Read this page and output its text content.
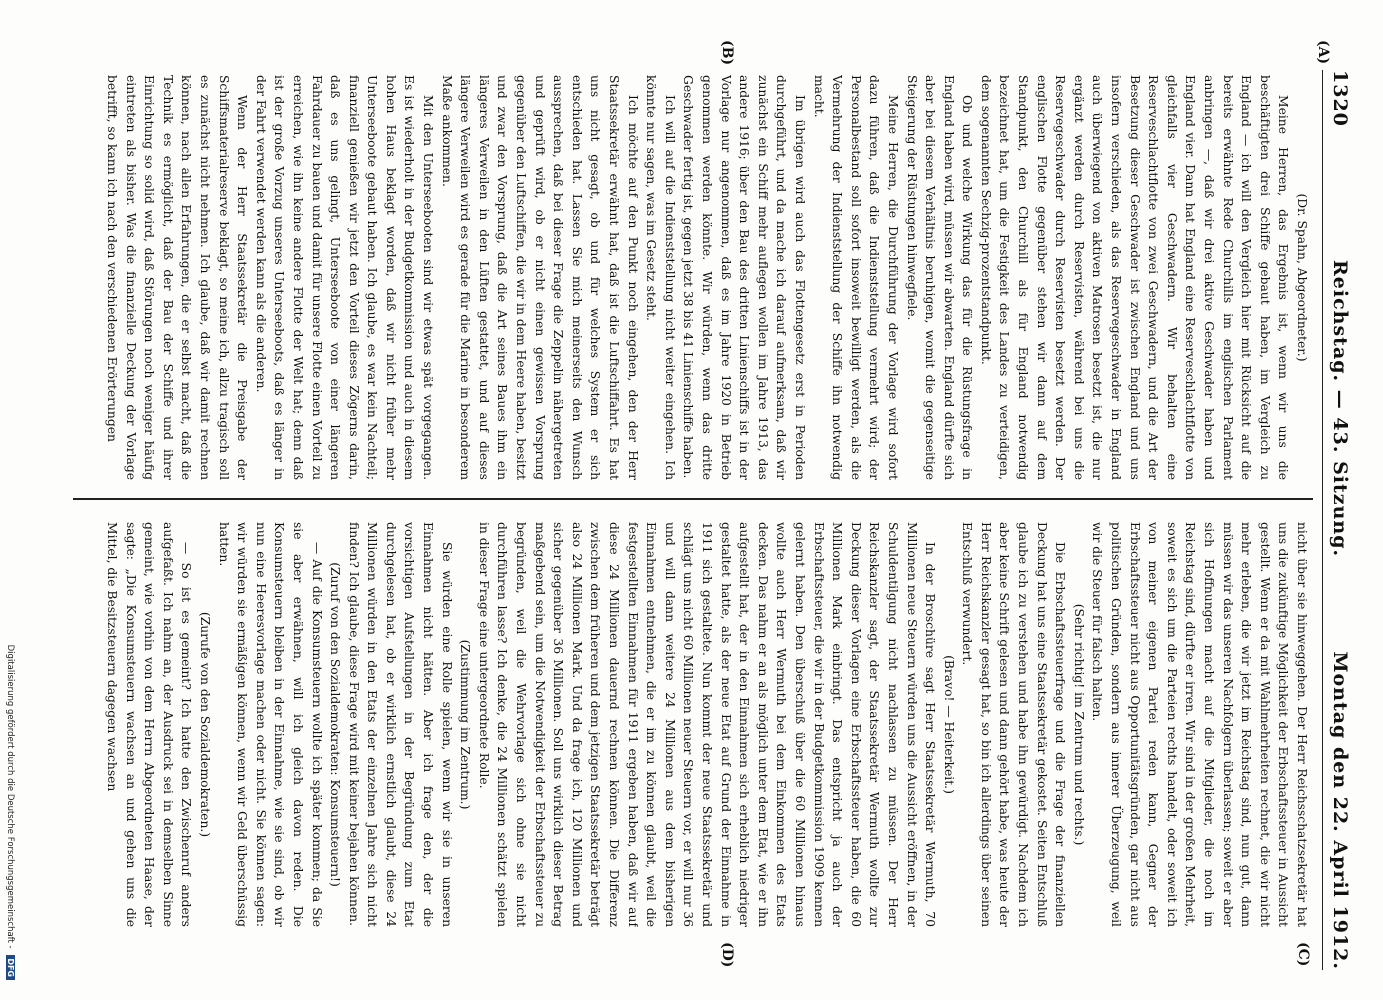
1320
Reichstag. — 43. Sitzung.
Montag den 22. April 1912.
(A)
(B)
(C)
(D)

(Dr. Spahn, Abgeordneter.)

Meine Herren, das Ergebnis ist, wenn wir uns die beschäftigten drei Schiffe gebaut haben, im Vergleich zu England — ich will den Vergleich hier mit Rücksicht auf die bereits erwähnte Rede Churchills im englischen Parlament anbringen —, daß wir drei aktive Geschwader haben und England vier. Dann hat England eine Reserveschlachtflotte von gleichfalls vier Geschwadern. Wir behalten eine Reserveschlachtflotte von zwei Geschwadern, und die Art der Besetzung dieser Geschwader ist zwischen England und uns insofern verschieden, als das Reservegeschwader in England auch überwiegend von aktiven Matrosen besetzt ist, die nur ergänzt werden durch Reservisten, während bei uns die Reservegeschwader durch Reservisten besetzt werden. Der englischen Flotte gegenüber stehen wir dann auf dem Standpunkt, den Churchill als für England notwendig bezeichnet hat, um die Festigkeit des Landes zu verteidigen, dem sogenannten Sechzig-prozentstandpunkt.

Ob und welche Wirkung das für die Rüstungsfrage in England haben wird, müssen wir abwarten. England dürfte sich aber bei diesem Verhältnis beruhigen, womit die gegenseitige Steigerung der Rüstungen hinwegfiele.

Meine Herren, die Durchführung der Vorlage wird sofort dazu führen, daß die Indienststellung vermehrt wird; der Personalbestand soll sofort insoweit bewilligt werden, als die Vermehrung der Indienststellung der Schiffe ihn notwendig macht.

Im übrigen wird auch das Flottengesetz erst in Perioden durchgeführt, und da mache ich darauf aufmerksam, daß wir zunächst ein Schiff mehr auflegen wollen im Jahre 1913, das andere 1916; über den Bau des dritten Linienschiffs ist in der Vorlage nur angenommen, daß es im Jahre 1920 in Betrieb genommen werden könnte. Wir würden, wenn das dritte Geschwader fertig ist, gegen jetzt 38 bis 41 Linienschiffe haben.

Ich will auf die Indienststellung nicht weiter eingehen. Ich könnte nur sagen, was im Gesetz steht.

Ich möchte auf den Punkt noch eingehen, den der Herr Staatssekretär erwähnt hat, daß ist die Luftschiffahrt. Es hat uns nicht gesagt, ob und für welches System er sich entschieden hat. Lassen Sie mich meinerseits den Wunsch aussprechen, daß bei dieser Frage die Zeppelin nähergetreten und geprüft wird, ob er nicht einen gewissen Vorsprung gegenüber den Luftschiffen, die wir in dem Heere haben, besitzt und zwar den Vorsprung, daß die Art seines Baues ihm ein längeres Verweilen in den Lüften gestattet, und auf dieses längere Verweilen wird es gerade für die Marine in besonderem Maße ankommen.

Mit den Unterseebooten sind wir etwas spät vorgegangen. Es ist wiederholt in der Budgetkommission und auch in diesem hohen Haus beklagt worden, daß wir nicht früher mehr Unterseeboote gebaut haben. Ich glaube, es war kein Nachteil; finanziell genießen wir jetzt den Vorteil dieses Zögerns darin, daß es uns gelingt, Unterseeboote von einer längeren Fahrdauer zu bauen und damit für unsere Flotte einen Vorteil zu erreichen, wie ihn keine andere Flotte der Welt hat; denn daß ist der große Vorzug unseres Unterseeboots, daß es länger in der Fahrt verwendet werden kann als die anderen.

Wenn der Herr Staatssekretär die Preisgabe der Schiffsmaterialreserve beklagt, so meine ich, allzu tragisch soll es zunächst nicht nehmen. Ich glaube, daß wir damit rechnen können, nach allen Erfahrungen, die er selbst macht, daß die Technik es ermöglicht, daß der Bau der Schiffe und ihrer Einrichtung so solid wird, daß Störungen noch weniger häufig eintreten als bisher. Was die finanzielle Deckung der Vorlage betrifft, so kann ich nach den verschiedenen Erörterungen

nicht über sie hinweggehen. Der Herr Reichsschatzsekretär hat uns die zukünftige Möglichkeit der Erbschaftssteuer in Aussicht gestellt. Wenn er da mit Wahlmehrheiten rechnet, die wir nicht mehr erleben, die wir jetzt im Reichstag sind, nun gut, dann müssen wir das unseren Nachfolgern überlassen; soweit er aber sich Hoffnungen macht auf die Mitglieder, die noch im Reichstag sind, dürfte er irren. Wir sind in der großen Mehrheit, soweit es sich um die Parteien rechts handelt, oder soweit ich von meiner eigenen Partei reden kann, Gegner der Erbschaftssteuer nicht aus Opportunitätsgründen, gar nicht aus politischen Gründen, sondern aus innerer Überzeugung, weil wir die Steuer für falsch halten.

(Sehr richtig! im Zentrum und rechts.)

Die Erbschaftssteuerfrage und die Frage der finanziellen Deckung hat uns eine Staatssekretär gekostet. Seiten Entschluß glaube ich zu verstehen und habe ihn gewürdigt. Nachdem ich aber keine Schrift gelesen und dann gehört habe, was heute der Herr Reichskanzler gesagt hat, so bin ich allerdings über seinen Entschluß verwundert.

(Bravo! — Heiterkeit.)

In der Broschüre sagt Herr Staatssekretär Wermuth, 70 Millionen neue Steuern würden uns die Aussicht eröffnen, in der Schuldentilgung nicht nachlassen zu müssen. Der Herr Reichskanzler sagt, der Staatssekretär Wermuth wollte zur Deckung dieser Vorlagen eine Erbschaftssteuer haben, die 60 Millionen Mark einbringt. Das entspricht ja auch der Erbschaftssteuer, die wir in der Budgetkommission 1909 kennen gelernt haben. Den überschuß über die 60 Millionen hinaus wollte auch Herr Wermuth bei dem Einkommen des Etats decken. Das nahm er an als möglich unter dem Etat, wie er ihn aufgestellt hat, der in den Einnahmen sich erheblich niedriger gestaltet hatte, als der neue Etat auf Grund der Einnahme in 1911 sich gestaltete. Nun kommt der neue Staatssekretär und schlägt uns nicht 60 Millionen neuer Steuern vor, er will nur 36 und will dann weitere 24 Millionen aus dem bisherigen Einnahmen entnehmen, die er im zu können glaubt, weil die festgestellten Einnahmen für 1911 ergeben haben, daß wir auf diese 24 Millionen dauernd rechnen können. Die Differenz zwischen dem früheren und dem jetzigen Staatssekretär beträgt also 24 Millionen Mark. Und da frage ich, 120 Millionen und sicher gegenüber 36 Millionen. Soll uns wirklich dieser Betrag maßgebend sein, um die Notwendigkeit der Erbschaftssteuer zu begründen, weil die Wehrvorlage sich ohne sie nicht durchführen lasse? Ich denke, die 24 Millionen schätzt spielen in dieser Frage eine untergeordnete Rolle.

(Zustimmung im Zentrum.)

Sie würden eine Rolle spielen, wenn wir sie in unseren Einnahmen nicht hätten. Aber ich frage den, der die vorsichtigen Aufstellungen in der Begründung zum Etat durchgelesen hat, ob er wirklich ernstlich glaubt, diese 24 Millionen würden in den Etats der einzelnen Jahre sich nicht finden? Ich glaube, diese Frage wird mit keiner bejahen können.

(Zuruf von den Sozialdemokraten: Konsumsteuern!)

— Auf die Konsumsteuern wollte ich später kommen; da Sie sie aber erwähnen, will ich gleich davon reden. Die Konsumsteuern bleiben in der Einnahme, wie sie sind, ob wir nun eine Heeresvorlage machen oder nicht. Sie können sagen: wir würden sie ermäßigen können, wenn wir Geld überschüssig hatten.

(Zurufe von den Sozialdemokraten.)

— So ist es gemeint? Ich hatte den Zwischenruf anders aufgefaßt. Ich nahm an, der Ausdruck sei in demselben Sinne gemeint, wie vorhin von dem Herrn Abgeordneten Haase, der sagte: „Die Konsumsteuern wachsen an und gehen uns die Mittel, die Besitzsteuern dagegen wachsen

Digitalisierung gefördert durch die Deutsche Forschungsgemeinschaft - DFG
